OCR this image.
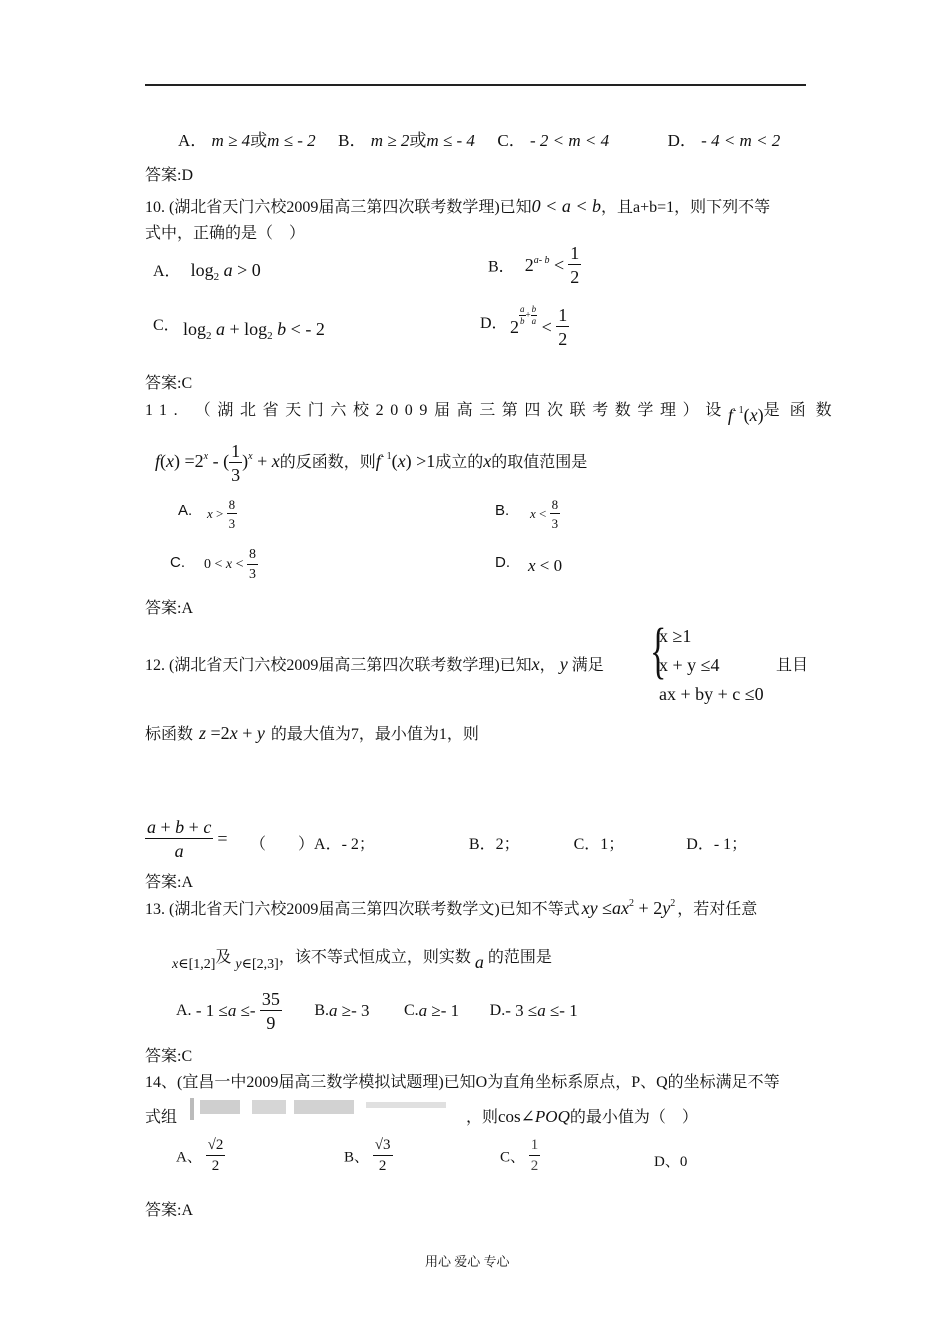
A． m ≥ 4或m ≤ - 2 B． m ≥ 2或m ≤ - 4 C． - 2 < m < 4	D． - 4 < m < 2
答案:D
10. (湖北省天门六校2009届高三第四次联考数学理)已知0 < a < b，且a+b=1，则下列不等
式中，正确的是（　）
A． $\log_2 a > 0$	B． $2^{a- b} < \frac{1}{2}$
C． $\log_2 a + \log_2 b$ < - 2	D． 2
$\frac{a}{b} + \frac{b}{a}$
< $\frac{1}{2}$
答案:C
11. （湖北省天门六校2009届高三第四次联考数学理）设 $f^{- 1}(x)$ 是函数
$f(x) =2^x$ - ( $\frac{1}{3} )^x + x$的反函数，则$f^{- 1}(x) >1$成立的x的取值范围是
A. $x > \frac{8}{3}$	B. $x < \frac{8}{3}$
C. $0 < x < \frac{8}{3}$	D. x < 0
答案:A
12. (湖北省天门六校2009届高三第四次联考数学理)已知x， y 满足 {
x ≥1
x + y ≤4
ax + by + c ≤0
且目
标函数 z =2x + y 的最大值为7，最小值为1，则
$\frac{a + b + c}{a}$ = （　　）A．- 2；	B．2；	C．1；	D．- 1；
答案:A
13. (湖北省天门六校2009届高三第四次联考数学文)已知不等式 xy $\le ax^2 + 2y^2$ ，若对任意
x∈[1,2]及 y∈[2,3]，该不等式恒成立，则实数 a 的范围是
A. - $1 \le a \le- \frac{35}{9} B.a \ge- 3$ C.a ≥- 1 D.- 3 ≤a ≤- 1
答案:C
14、(宜昌一中2009届高三数学模拟试题理)已知O为直角坐标系原点，P、Q的坐标满足不等
式组	，则cos∠POQ的最小值为（　）
A、 $\frac{√2}{2}$	B、 $\frac{√3}{2}$	C、 $\frac{1}{2}$	D、0
答案:A
用心 爱心 专心
